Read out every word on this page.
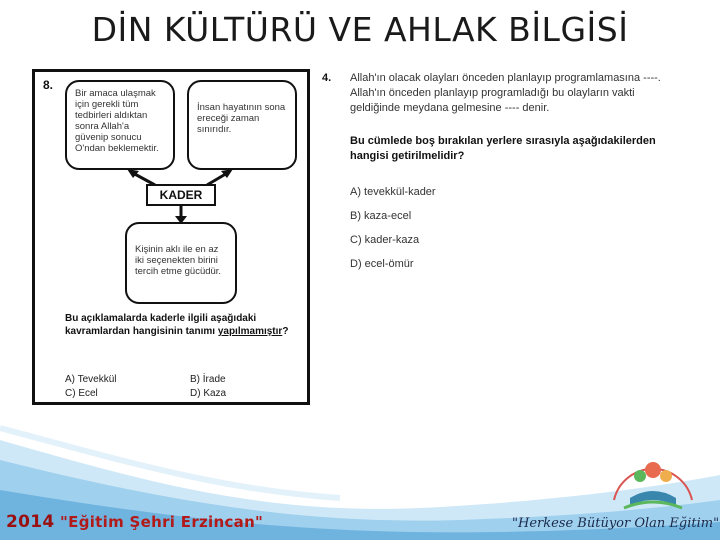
DİN KÜLTÜRÜ VE AHLAK BİLGİSİ
8.
Bir amaca ulaşmak için gerekli tüm tedbirleri aldıktan sonra Allah'a güvenip sonucu O'ndan beklemektir.
İnsan hayatının sona ereceği zaman sınırıdır.
KADER
Kişinin aklı ile en az iki seçenekten birini tercih etme gücüdür.
Bu açıklamalarda kaderle ilgili aşağıdaki kavramlardan hangisinin tanımı yapılmamıştır?
A) Tevekkül	B) İrade
C) Ecel	D) Kaza
4. Allah'ın olacak olayları önceden planlayıp programlamasına ----. Allah'ın önceden planlayıp programladığı bu olayların vakti geldiğinde meydana gelmesine ---- denir.
Bu cümlede boş bırakılan yerlere sırasıyla aşağıdakilerden hangisi getirilmelidir?
A) tevekkül-kader
B) kaza-ecel
C) kader-kaza
D) ecel-ömür
2014 "Eğitim Şehri Erzincan"	"Herkese Bütüyor Olan Eğitim"
